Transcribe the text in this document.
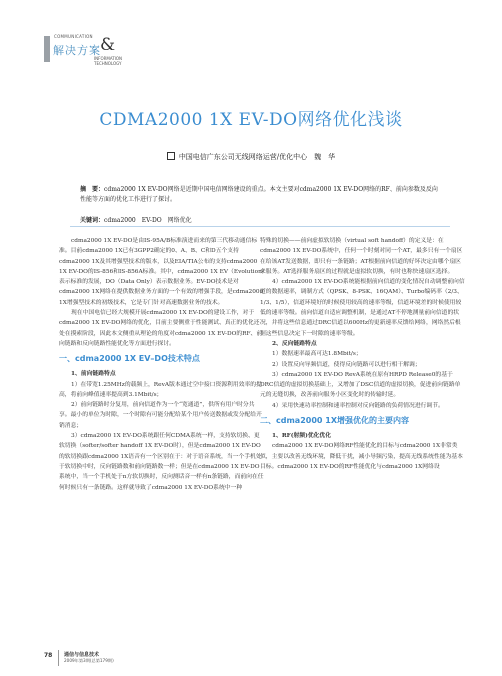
COMMUNICATION
解决方案 &
INFORMATION TECHNOLOGY
CDMA2000 1X EV-DO网络优化浅谈
中国电信广东公司无线网络运营/优化中心　魏　华
摘　要：cdma2000 1X EV-DO网络是近期中国电信网络建设的重点。本文主要对cdma2000 1X EV-DO网络的RF、前向参数及反向性能等方面的优化工作进行了探讨。
关键词：cdma2000　EV-DO　网络优化

cdma2000 1X EV-DO是由IS-95A/B标准演进而来的第三代移动通信标准。目前cdma2000 1X已有3GPP2确定的0、A、B、C和D五个支持cdma2000 1X及其增强型技术的版本，以及EIA/TIA公布的支持cdma2000 1X EV-DO的IS-856和IS-856A标准。其中，cdma2000 1X EV（Evolution）表示标准的发展，DO（Data Only）表示数据业务。EV-DO技术是对cdma2000 1X网络在提供数据业务方面的一个有效的增强手段，是cdma2000 1X增强型技术的初级技术，它是专门针对高速数据业务的技术。

现在中国电信已经大规模开展cdma2000 1X EV-DO的建设工作，对于cdma2000 1X EV-DO网络的优化，目前主要侧重于性能测试、真正的优化还处在摸索阶段，因此本文侧重从理论的角度对cdma2000 1X EV-DO的RF、前向链路和反向链路性能优化等方面进行探讨。

一、cdma2000 1X EV–DO技术特点

1、前向链路特点

1）在带宽1.25MHz的载频上，RevA版本通过空中接口资源利用效率的提高，将前向峰值速率提高到3.1Mbit/s；

2）前向链路时分复用，前向信道作为一个“宽通道”，供所有用户时分共享。最小的单位为时隙，一个时隙有可能分配给某个用户传送数据或发分配给开销消息；

3）cdma2000 1X EV-DO系统跟任何CDMA系统一样，支持软切换、更软切换（softer/softer handoff 1X EV-DO时），但是cdma2000 1X EV-DO的软切换跟cdma2000 1X语音有一个区别在于：对于语音系统，当一个手机处于软切换中时，反向链路数和前向链路数一样；但是在cdma2000 1X EV-DO系统中，当一个手机处于n方软切换时，反向测话音一样有n条链路，而前向在任何时候只有一条链路。这样就导致了cdma2000 1X EV-DO系统中一种

特殊的切换——前向虚拟软切换（virtual soft handoff）的定义是：在cdma2000 1X EV-DO系统中，任何一个时刻对同一个AT，最多只有一个扇区在给该AT发送数据，即只有一条链路；AT根据前向信道的好坏决定由哪个扇区来服务。AT选择服务扇区的过程就是虚拟软切换，有时也称快速扇区选择。

4）cdma2000 1X EV-DO系统能根据前向信道的变化情况自动调整前向信道的数据速率，调制方式（QPSK、8-PSK、16QAM）、Turbo编码率（2/3、1/3、1/5），信道环境好的时候使用较高的速率等级，信道环境差的时候使用较低的速率等级。前向信道自适应调整机制，是通过AT不停地测量前向信道的状况，并将这些信息通过DRC信道以600Hz的更新速率反馈给网络，网络然后根据这些信息决定下一时隙的速率等级。

2、反向链路特点

1）数据速率最高可达1.8Mbit/s；

2）设置反向导频信道，使得反向链路可以进行相干解调；

3）cdma2000 1X EV-DO RevA系统在原有HRPD Release0的基于DRC信道的虚拟切换基础上，又增加了DSC信道的虚拟切换，促进前向链路单元的无缝切换，改善前向服务小区变化时的传输时延。

4）采用快速功率控制和速率控制对反向链路的负荷情况进行调节。

二、cdma2000 1X增强优化的主要内容

1、RF(射频)优化优化

cdma2000 1X EV-DO网络RF性能优化的目标与cdma2000 1X非常类似，主要以改善无线环境，降低干扰，减小导频污染，提高无线系统性能为基本目标。cdma2000 1X EV-DO的RF性能优化与cdma2000 1X网络设

78	通信与信息技术
2009年第3期(总第179期)
